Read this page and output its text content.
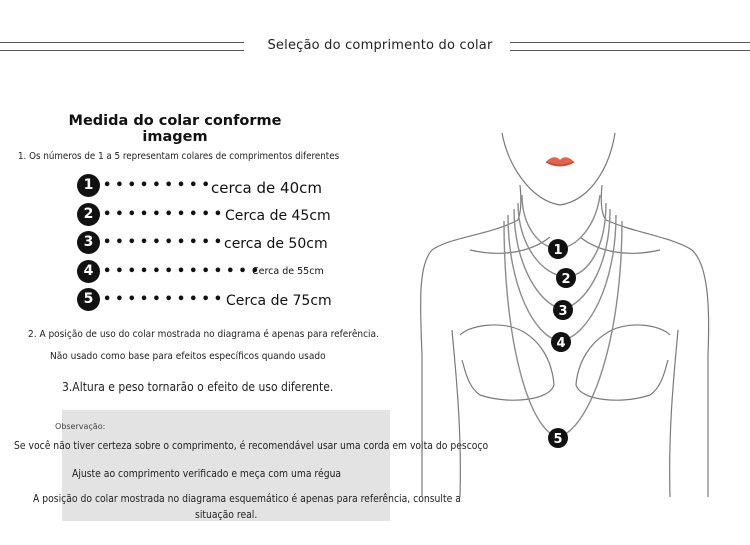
Seleção do comprimento do colar
Medida do colar conforme imagem
1. Os números de 1 a 5 representam colares de comprimentos diferentes
1 •••••••••
cerca de 40cm
2 ••••••••••
Cerca de 45cm
3 ••••••••••
cerca de 50cm
4 •••••••••••••
Cerca de 55cm
5 •••••••••• Cerca de 75cm
2. A posição de uso do colar mostrada no diagrama é apenas para referência.
Não usado como base para efeitos específicos quando usado
3.Altura e peso tornarão o efeito de uso diferente.
Observação:
Se você não tiver certeza sobre o comprimento, é recomendável usar uma corda em volta do pescoço
Ajuste ao comprimento verificado e meça com uma régua
A posição do colar mostrada no diagrama esquemático é apenas para referência, consulte a
situação real.
1
2
3
4
5
